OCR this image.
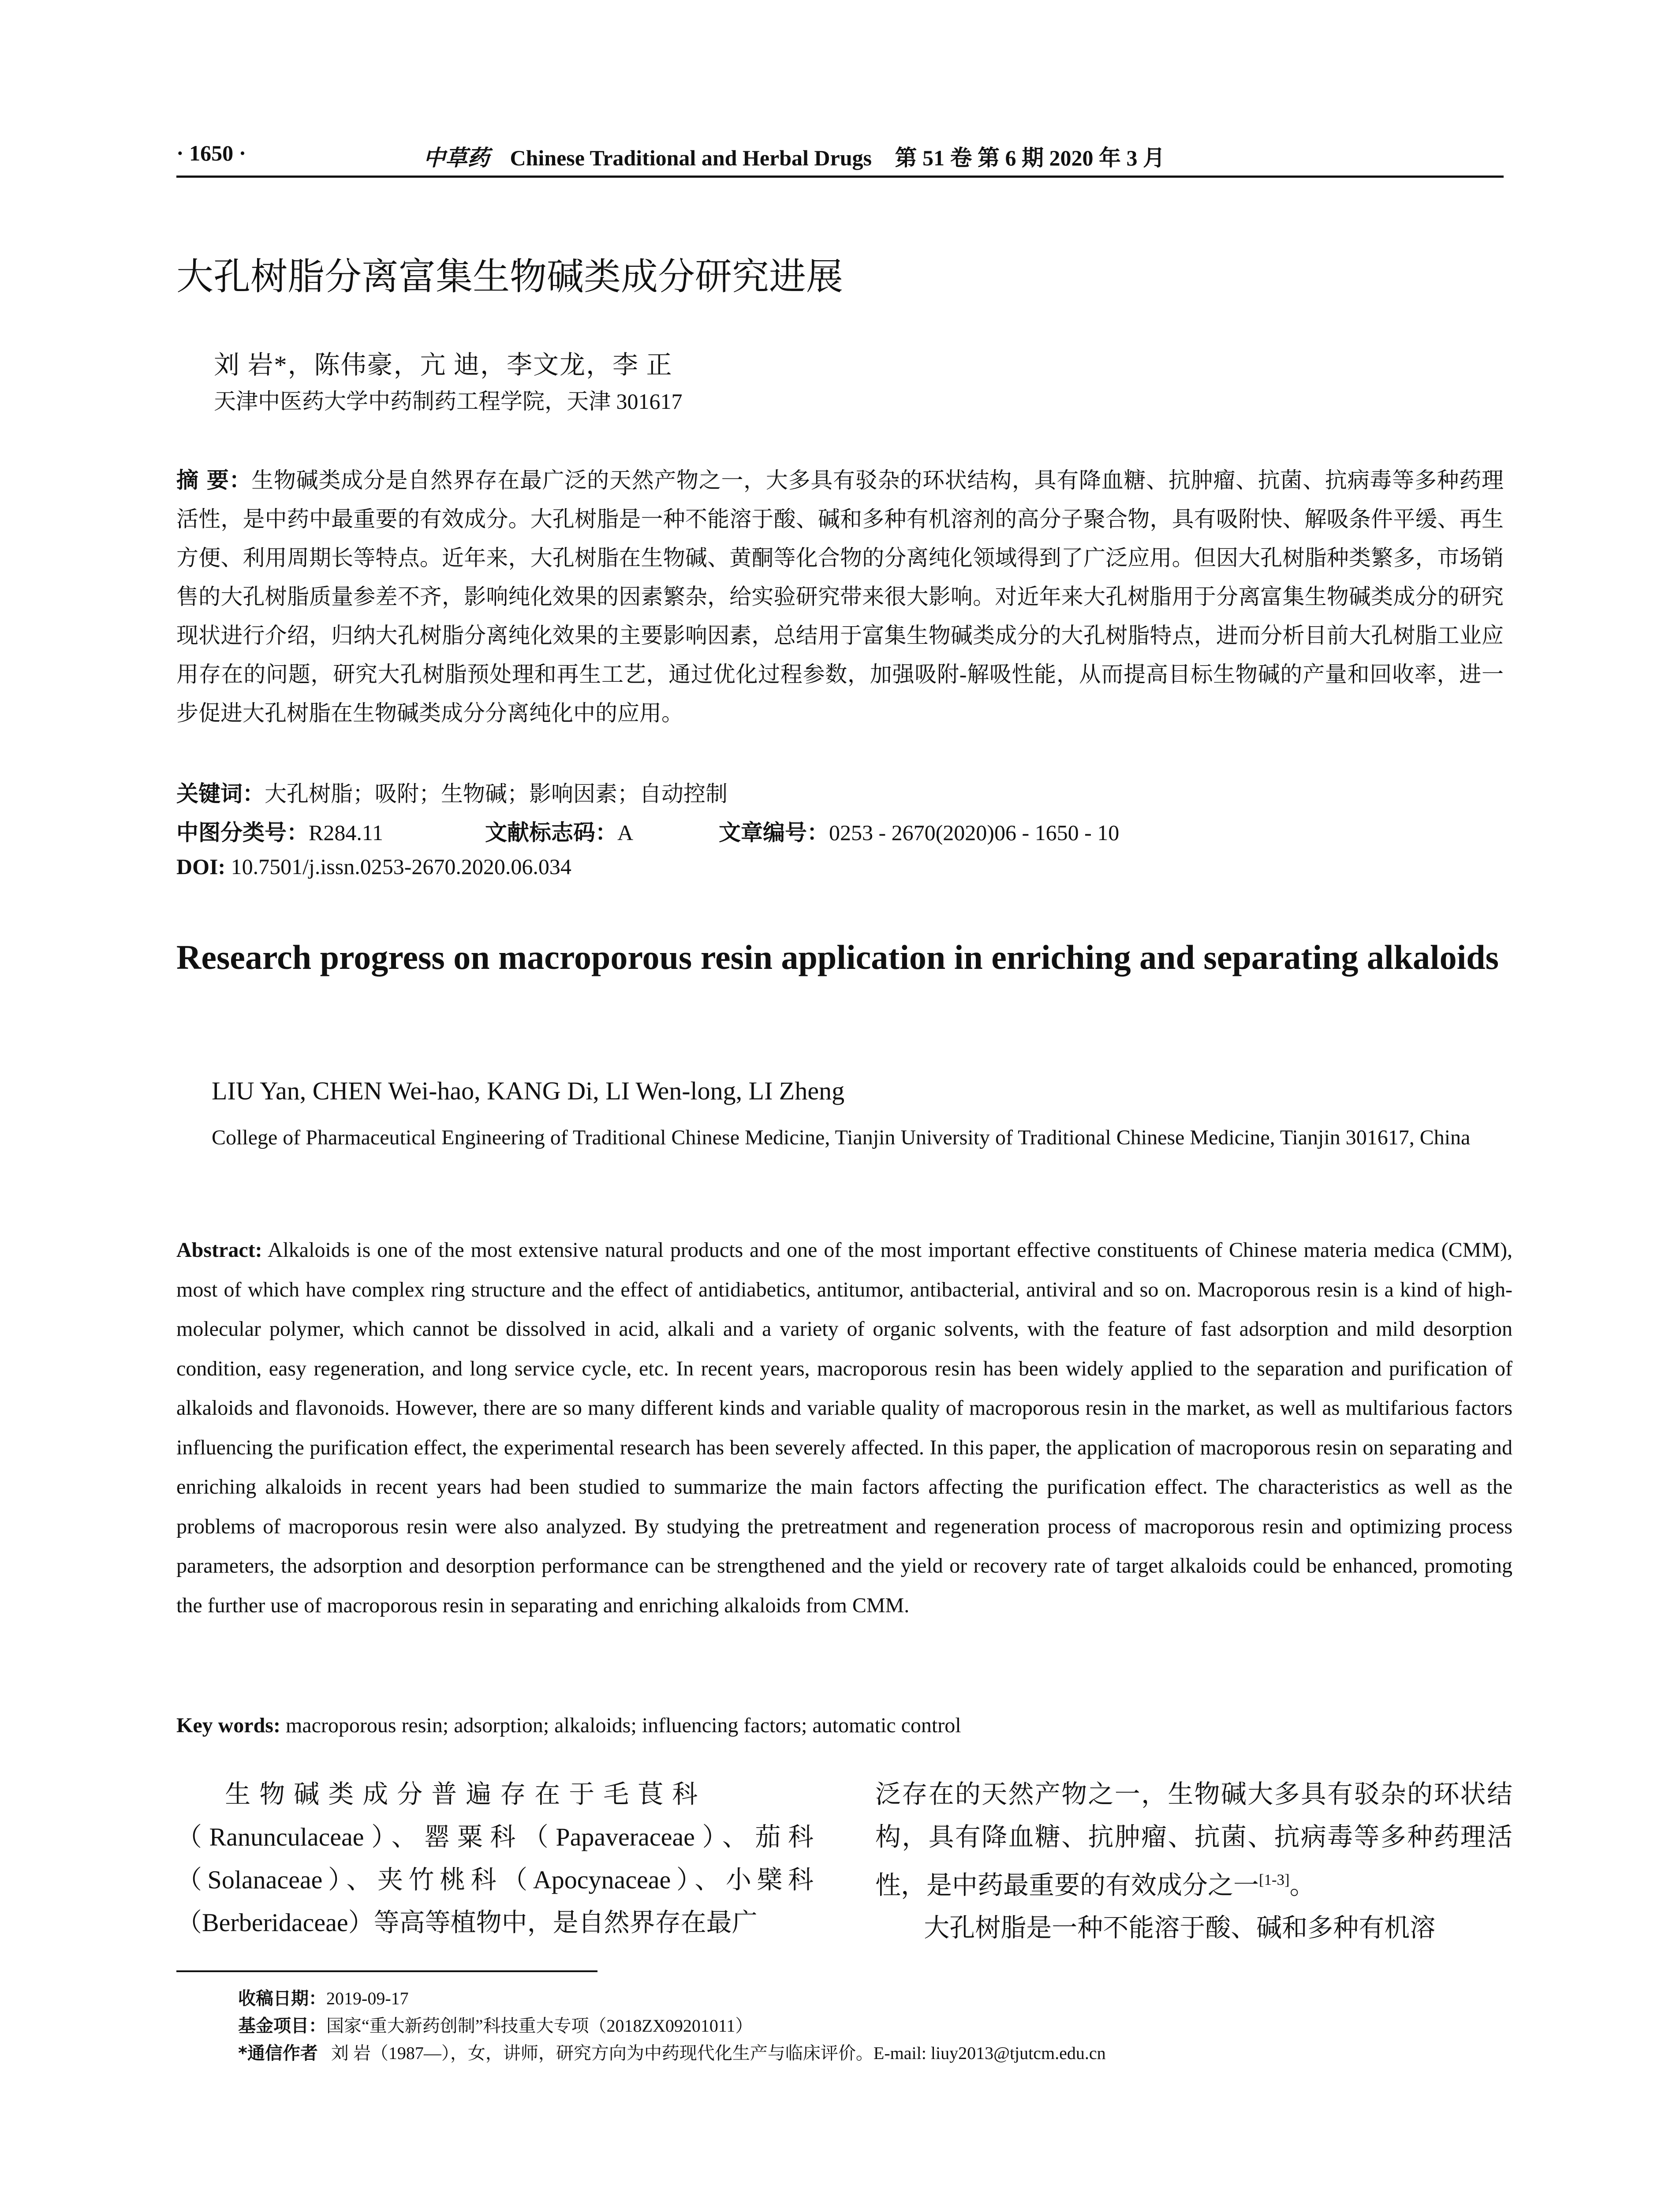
· 1650 ·	中草药 Chinese Traditional and Herbal Drugs 第 51 卷 第 6 期 2020 年 3 月
大孔树脂分离富集生物碱类成分研究进展
刘 岩*，陈伟豪，亢 迪，李文龙，李 正
天津中医药大学中药制药工程学院，天津 301617
摘 要：生物碱类成分是自然界存在最广泛的天然产物之一，大多具有驳杂的环状结构，具有降血糖、抗肿瘤、抗菌、抗病毒等多种药理活性，是中药中最重要的有效成分。大孔树脂是一种不能溶于酸、碱和多种有机溶剂的高分子聚合物，具有吸附快、解吸条件平缓、再生方便、利用周期长等特点。近年来，大孔树脂在生物碱、黄酮等化合物的分离纯化领域得到了广泛应用。但因大孔树脂种类繁多，市场销售的大孔树脂质量参差不齐，影响纯化效果的因素繁杂，给实验研究带来很大影响。对近年来大孔树脂用于分离富集生物碱类成分的研究现状进行介绍，归纳大孔树脂分离纯化效果的主要影响因素，总结用于富集生物碱类成分的大孔树脂特点，进而分析目前大孔树脂工业应用存在的问题，研究大孔树脂预处理和再生工艺，通过优化过程参数，加强吸附-解吸性能，从而提高目标生物碱的产量和回收率，进一步促进大孔树脂在生物碱类成分分离纯化中的应用。
关键词：大孔树脂；吸附；生物碱；影响因素；自动控制
中图分类号：R284.11	文献标志码：A	文章编号：0253 - 2670(2020)06 - 1650 - 10
DOI: 10.7501/j.issn.0253-2670.2020.06.034
Research progress on macroporous resin application in enriching and separating alkaloids
LIU Yan, CHEN Wei-hao, KANG Di, LI Wen-long, LI Zheng
College of Pharmaceutical Engineering of Traditional Chinese Medicine, Tianjin University of Traditional Chinese Medicine, Tianjin 301617, China
Abstract: Alkaloids is one of the most extensive natural products and one of the most important effective constituents of Chinese materia medica (CMM), most of which have complex ring structure and the effect of antidiabetics, antitumor, antibacterial, antiviral and so on. Macroporous resin is a kind of high-molecular polymer, which cannot be dissolved in acid, alkali and a variety of organic solvents, with the feature of fast adsorption and mild desorption condition, easy regeneration, and long service cycle, etc. In recent years, macroporous resin has been widely applied to the separation and purification of alkaloids and flavonoids. However, there are so many different kinds and variable quality of macroporous resin in the market, as well as multifarious factors influencing the purification effect, the experimental research has been severely affected. In this paper, the application of macroporous resin on separating and enriching alkaloids in recent years had been studied to summarize the main factors affecting the purification effect. The characteristics as well as the problems of macroporous resin were also analyzed. By studying the pretreatment and regeneration process of macroporous resin and optimizing process parameters, the adsorption and desorption performance can be strengthened and the yield or recovery rate of target alkaloids could be enhanced, promoting the further use of macroporous resin in separating and enriching alkaloids from CMM.
Key words: macroporous resin; adsorption; alkaloids; influencing factors; automatic control
生物碱类成分普遍存在于毛茛科
（Ranunculaceae）、罂粟科（Papaveraceae）、茄科（Solanaceae）、夹竹桃科（Apocynaceae）、小檗科（Berberidaceae）等高等植物中，是自然界存在最广
泛存在的天然产物之一，生物碱大多具有驳杂的环状结构，具有降血糖、抗肿瘤、抗菌、抗病毒等多种药理活性，是中药最重要的有效成分之一[1-3]。
大孔树脂是一种不能溶于酸、碱和多种有机溶
收稿日期：2019-09-17
基金项目：国家“重大新药创制”科技重大专项（2018ZX09201011）
*通信作者 刘 岩（1987—），女，讲师，研究方向为中药现代化生产与临床评价。E-mail: liuy2013@tjutcm.edu.cn
